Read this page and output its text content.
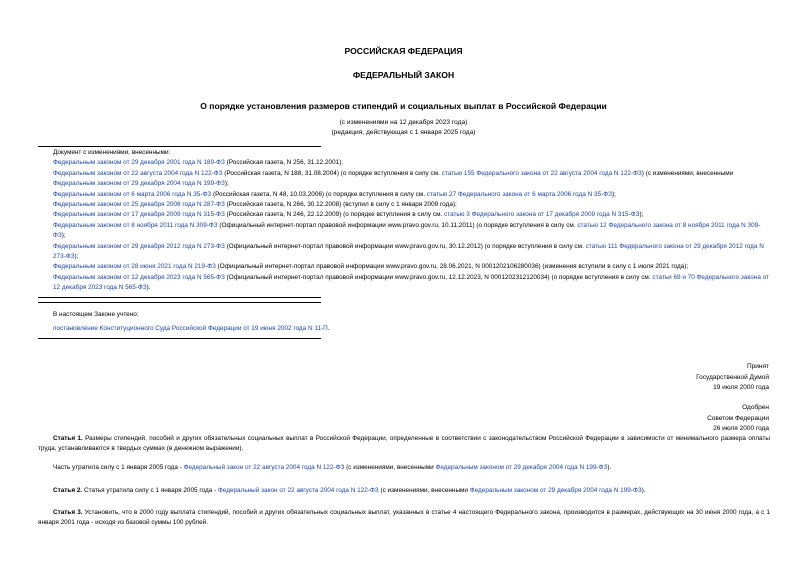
РОССИЙСКАЯ ФЕДЕРАЦИЯ
ФЕДЕРАЛЬНЫЙ ЗАКОН
О порядке установления размеров стипендий и социальных выплат в Российской Федерации
(с изменениями на 12 декабря 2023 года)
(редакция, действующая с 1 января 2025 года)
Документ с изменениями, внесенными:
Федеральным законом от 29 декабря 2001 года N 189-ФЗ (Российская газета, N 256, 31.12.2001).
Федеральным законом от 22 августа 2004 года N 122-ФЗ (Российская газета, N 188, 31.08.2004) (о порядке вступления в силу см. статью 155 Федерального закона от 22 августа 2004 года N 122-ФЗ) (с изменениями, внесенными Федеральным законом от 29 декабря 2004 года N 199-ФЗ);
Федеральным законом от 6 марта 2006 года N 35-ФЗ (Российская газета, N 48, 10.03.2006) (о порядке вступления в силу см. статью 27 Федерального закона от 6 марта 2006 года N 35-ФЗ);
Федеральным законом от 25 декабря 2008 года N 287-ФЗ (Российская газета, N 266, 30.12.2008) (вступил в силу с 1 января 2009 года);
Федеральным законом от 17 декабря 2009 года N 315-ФЗ (Российская газета, N 246, 22.12.2009) (о порядке вступления в силу см. статью 3 Федерального закона от 17 декабря 2009 года N 315-ФЗ);
Федеральным законом от 8 ноября 2011 года N 309-ФЗ (Официальный интернет-портал правовой информации www.pravo.gov.ru, 10.11.2011) (о порядке вступления в силу см. статью 12 Федерального закона от 8 ноября 2011 года N 309-ФЗ);
Федеральным законом от 29 декабря 2012 года N 273-ФЗ (Официальный интернет-портал правовой информации www.pravo.gov.ru, 30.12.2012) (о порядке вступления в силу см. статью 111 Федерального закона от 29 декабря 2012 года N 273-ФЗ);
Федеральным законом от 28 июня 2021 года N 219-ФЗ (Официальный интернет-портал правовой информации www.pravo.gov.ru, 28.06.2021, N 0001202106280036) (изменения вступили в силу с 1 июля 2021 года);
Федеральным законом от 12 декабря 2023 года N 565-ФЗ (Официальный интернет-портал правовой информации www.pravo.gov.ru, 12.12.2023, N 0001202312120034) (о порядке вступления в силу см. статьи 69 и 70 Федерального закона от 12 декабря 2023 года N 565-ФЗ).
В настоящем Законе учтено:
постановление Конституционного Суда Российской Федерации от 19 июня 2002 года N 11-П.
Принят
Государственной Думой
19 июля 2000 года
Одобрен
Советом Федерации
26 июля 2000 года
Статья 1. Размеры стипендий, пособий и других обязательных социальных выплат в Российской Федерации, определенные в соответствии с законодательством Российской Федерации в зависимости от минимального размера оплаты труда, устанавливаются в твердых суммах (в денежном выражении).
Часть утратила силу с 1 января 2005 года - Федеральный закон от 22 августа 2004 года N 122-ФЗ (с изменениями, внесенными Федеральным законом от 29 декабря 2004 года N 199-ФЗ).
Статья 2. Статья утратила силу с 1 января 2005 года - Федеральный закон от 22 августа 2004 года N 122-ФЗ (с изменениями, внесенными Федеральным законом от 29 декабря 2004 года N 199-ФЗ).
Статья 3. Установить, что в 2000 году выплата стипендий, пособий и других обязательных социальных выплат, указанных в статье 4 настоящего Федерального закона, производится в размерах, действующих на 30 июня 2000 года, а с 1 января 2001 года - исходя из базовой суммы 100 рублей.
